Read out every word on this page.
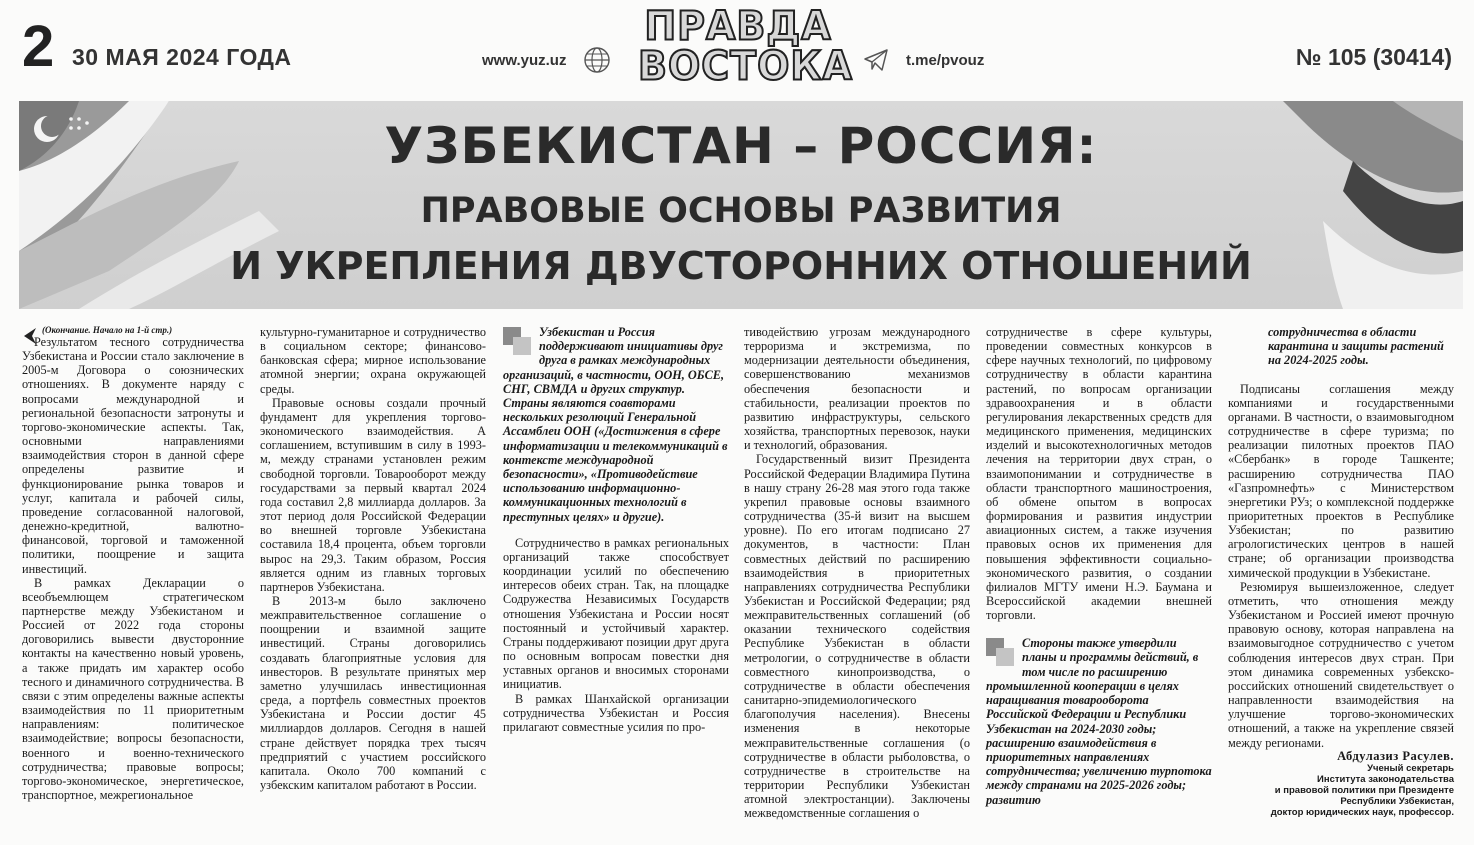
2 30 МАЯ 2024 ГОДА	www.yuz.uz
ПРАВДА
ВОСТОКА	t.me/pvouz	№ 105 (30414)
УЗБЕКИСТАН – РОССИЯ:
ПРАВОВЫЕ ОСНОВЫ РАЗВИТИЯ
И УКРЕПЛЕНИЯ ДВУСТОРОННИХ ОТНОШЕНИЙ
(Окончание. Начало на 1-й стр.)

Результатом тесного сотрудничества Узбекистана и России стало заключение в 2005-м Договора о союзнических отношениях. В документе наряду с вопросами международной и региональной безопасности затронуты и торгово-экономические аспекты. Так, основными направлениями взаимодействия сторон в данной сфере определены развитие и функционирование рынка товаров и услуг, капитала и рабочей силы, проведение согласованной налоговой, денежно-кредитной, валютно-финансовой, торговой и таможенной политики, поощрение и защита инвестиций.

В рамках Декларации о всеобъемлющем стратегическом партнерстве между Узбекистаном и Россией от 2022 года стороны договорились вывести двусторонние контакты на качественно новый уровень, а также придать им характер особо тесного и динамичного сотрудничества. В связи с этим определены важные аспекты взаимодействия по 11 приоритетным направлениям: политическое взаимодействие; вопросы безопасности, военного и военно-технического сотрудничества; правовые вопросы; торгово-экономическое, энергетическое, транспортное, межрегиональное

культурно-гуманитарное и сотрудничество в социальном секторе; финансово-банковская сфера; мирное использование атомной энергии; охрана окружающей среды.

Правовые основы создали прочный фундамент для укрепления торгово-экономического взаимодействия. А соглашением, вступившим в силу в 1993-м, между странами установлен режим свободной торговли. Товарооборот между государствами за первый квартал 2024 года составил 2,8 миллиарда долларов. За этот период доля Российской Федерации во внешней торговле Узбекистана составила 18,4 процента, объем торговли вырос на 29,3. Таким образом, Россия является одним из главных торговых партнеров Узбекистана.

В 2013-м было заключено межправительственное соглашение о поощрении и взаимной защите инвестиций. Страны договорились создавать благоприятные условия для инвесторов. В результате принятых мер заметно улучшилась инвестиционная среда, а портфель совместных проектов Узбекистана и России достиг 45 миллиардов долларов. Сегодня в нашей стране действует порядка трех тысяч предприятий с участием российского капитала. Около 700 компаний с узбекским капиталом работают в России.

Узбекистан и Россия поддерживают инициативы друг друга в рамках международных организаций, в частности, ООН, ОБСЕ, СНГ, СВМДА и других структур. Страны являются соавторами нескольких резолюций Генеральной Ассамблеи ООН («Достижения в сфере информатизации и телекоммуникаций в контексте международной безопасности», «Противодействие использованию информационно-коммуникационных технологий в преступных целях» и другие).

Сотрудничество в рамках региональных организаций также способствует координации усилий по обеспечению интересов обеих стран. Так, на площадке Содружества Независимых Государств отношения Узбекистана и России носят постоянный и устойчивый характер. Страны поддерживают позиции друг друга по основным вопросам повестки дня уставных органов и вносимых сторонами инициатив.

В рамках Шанхайской организации сотрудничества Узбекистан и Россия прилагают совместные усилия по про-

тиводействию угрозам международного терроризма и экстремизма, по модернизации деятельности объединения, совершенствованию механизмов обеспечения безопасности и стабильности, реализации проектов по развитию инфраструктуры, сельского хозяйства, транспортных перевозок, науки и технологий, образования.

Государственный визит Президента Российской Федерации Владимира Путина в нашу страну 26-28 мая этого года также укрепил правовые основы взаимного сотрудничества (35-й визит на высшем уровне). По его итогам подписано 27 документов, в частности: План совместных действий по расширению взаимодействия в приоритетных направлениях сотрудничества Республики Узбекистан и Российской Федерации; ряд межправительственных соглашений (об оказании технического содействия Республике Узбекистан в области метрологии, о сотрудничестве в области совместного кинопроизводства, о сотрудничестве в области обеспечения санитарно-эпидемиологического благополучия населения). Внесены изменения в некоторые межправительственные соглашения (о сотрудничестве в области рыболовства, о сотрудничестве в строительстве на территории Республики Узбекистан атомной электростанции). Заключены межведомственные соглашения о

сотрудничестве в сфере культуры, проведении совместных конкурсов в сфере научных технологий, по цифровому сотрудничеству в области карантина растений, по вопросам организации здравоохранения и в области регулирования лекарственных средств для медицинского применения, медицинских изделий и высокотехнологичных методов лечения на территории двух стран, о взаимопонимании и сотрудничестве в области транспортного машиностроения, об обмене опытом в вопросах формирования и развития индустрии авиационных систем, а также изучения правовых основ их применения для повышения эффективности социально-экономического развития, о создании филиалов МГТУ имени Н.Э. Баумана и Всероссийской академии внешней торговли.

Стороны также утвердили планы и программы действий, в том числе по расширению промышленной кооперации в целях наращивания товарооборота Российской Федерации и Республики Узбекистан на 2024-2030 годы; расширению взаимодействия в приоритетных направлениях сотрудничества; увеличению турпотока между странами на 2025-2026 годы; развитию
сотрудничества в области карантина и защиты растений на 2024-2025 годы.

Подписаны соглашения между компаниями и государственными органами. В частности, о взаимовыгодном сотрудничестве в сфере туризма; по реализации пилотных проектов ПАО «Сбербанк» в городе Ташкенте; расширению сотрудничества ПАО «Газпромнефть» с Министерством энергетики РУз; о комплексной поддержке приоритетных проектов в Республике Узбекистан; по развитию агрологистических центров в нашей стране; об организации производства химической продукции в Узбекистане.

Резюмируя вышеизложенное, следует отметить, что отношения между Узбекистаном и Россией имеют прочную правовую основу, которая направлена на взаимовыгодное сотрудничество с учетом соблюдения интересов двух стран. При этом динамика современных узбекско-российских отношений свидетельствует о направленности взаимодействия на улучшение торгово-экономических отношений, а также на укрепление связей между регионами.

Абдулазиз Расулев.
Ученый секретарь
Института законодательства
и правовой политики при Президенте
Республики Узбекистан,
доктор юридических наук, профессор.
